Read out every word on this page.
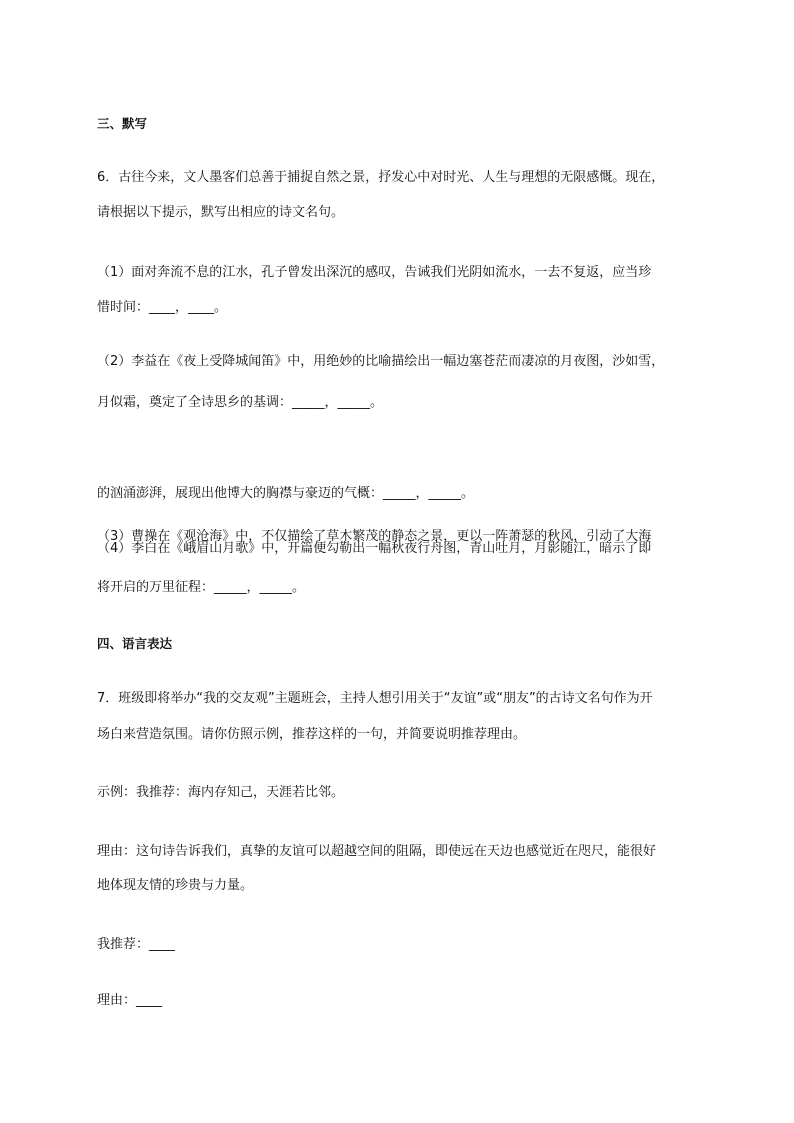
三、默写
6．古往今来，文人墨客们总善于捕捉自然之景，抒发心中对时光、人生与理想的无限感慨。现在，
请根据以下提示，默写出相应的诗文名句。
（1）面对奔流不息的江水，孔子曾发出深沉的感叹，告诫我们光阴如流水，一去不复返，应当珍
惜时间：____，____。
（2）李益在《夜上受降城闻笛》中，用绝妙的比喻描绘出一幅边塞苍茫而凄凉的月夜图，沙如雪，
月似霜，奠定了全诗思乡的基调：_____，_____。
（3）曹操在《观沧海》中，不仅描绘了草木繁茂的静态之景，更以一阵萧瑟的秋风，引动了大海
的汹涌澎湃，展现出他博大的胸襟与豪迈的气概：_____，_____。
（4）李白在《峨眉山月歌》中，开篇便勾勒出一幅秋夜行舟图，青山吐月，月影随江，暗示了即
将开启的万里征程：_____，_____。
四、语言表达
7．班级即将举办“我的交友观”主题班会，主持人想引用关于“友谊”或“朋友”的古诗文名句作为开
场白来营造氛围。请你仿照示例，推荐这样的一句，并简要说明推荐理由。
示例：我推荐：海内存知己，天涯若比邻。
理由：这句诗告诉我们，真挚的友谊可以超越空间的阻隔，即使远在天边也感觉近在咫尺，能很好
地体现友情的珍贵与力量。
我推荐：____
理由：____
